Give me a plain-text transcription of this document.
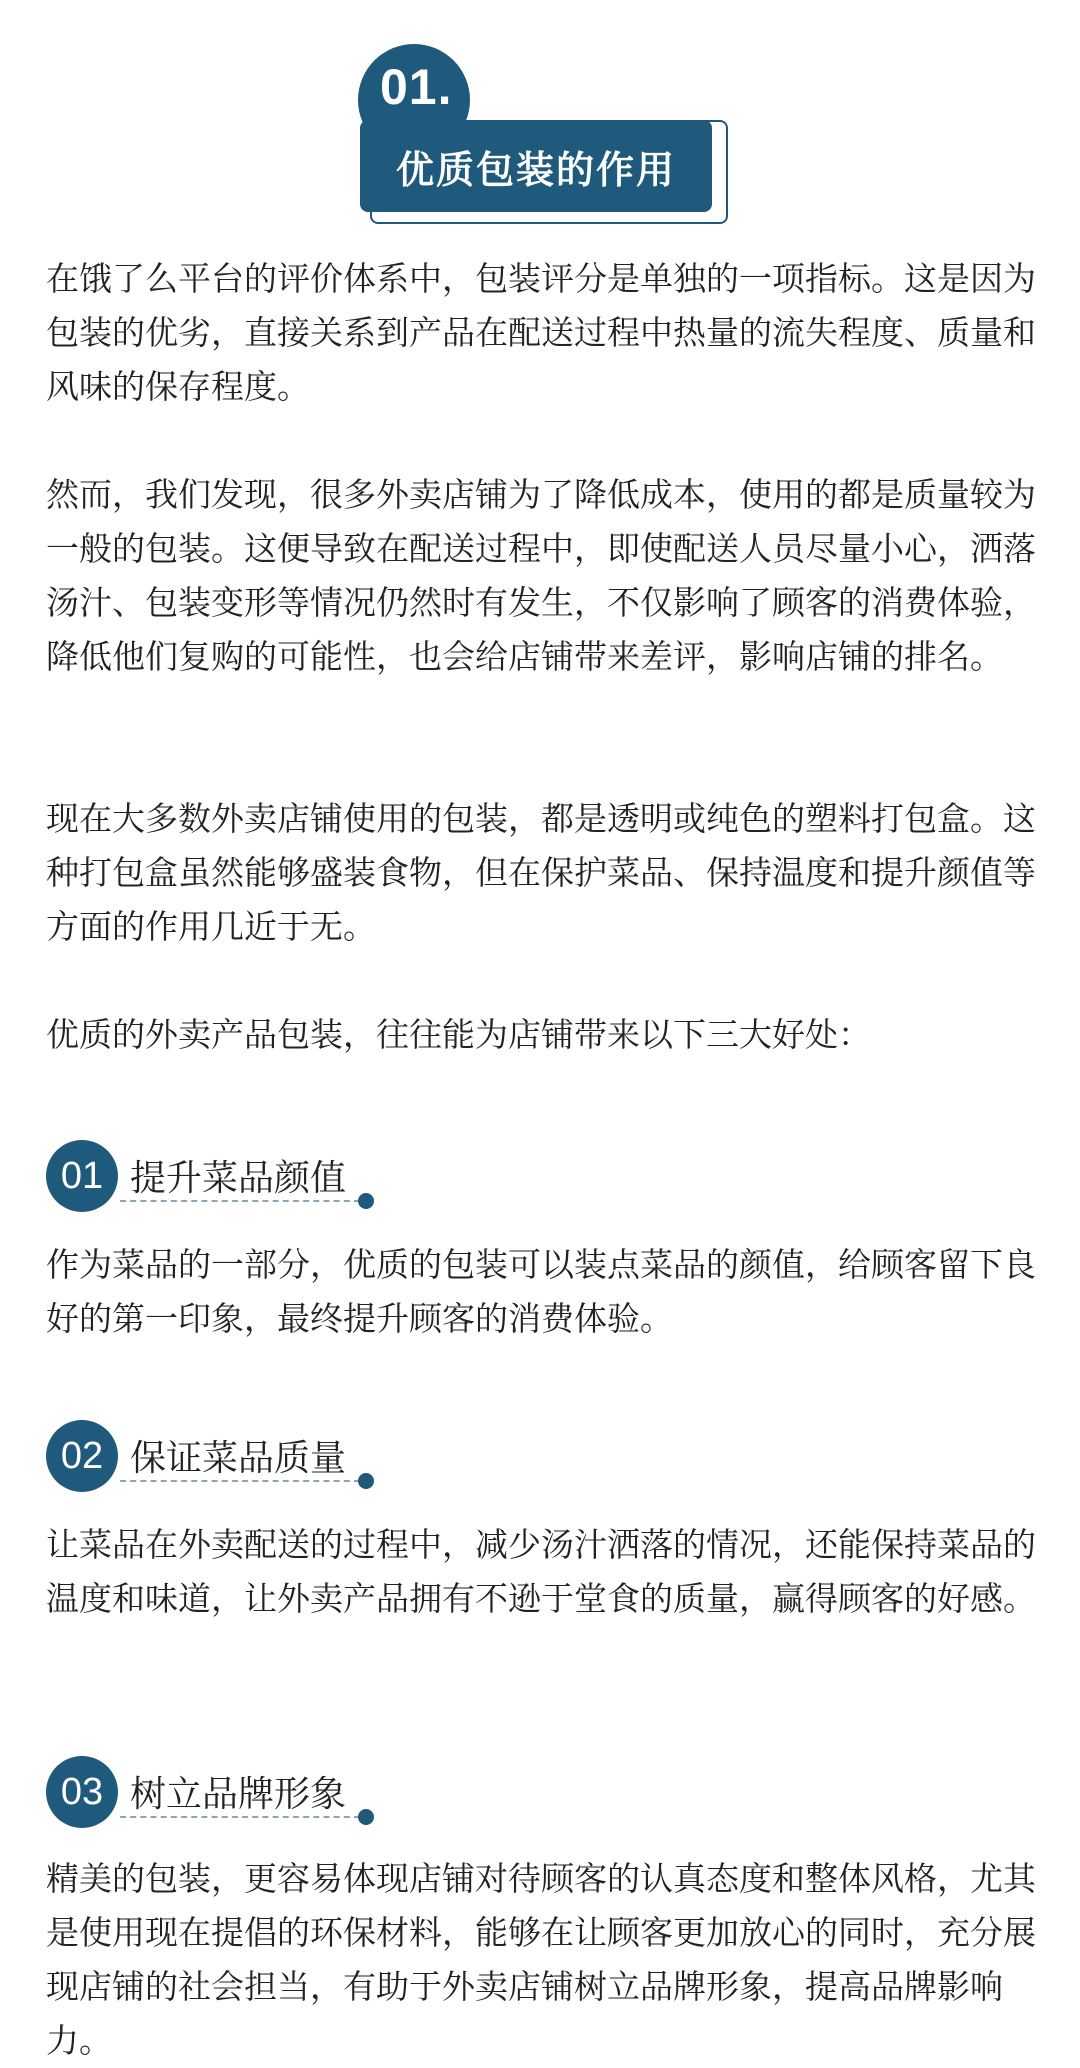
01.
优质包装的作用

在饿了么平台的评价体系中，包装评分是单独的一项指标。这是因为包装的优劣，直接关系到产品在配送过程中热量的流失程度、质量和风味的保存程度。

然而，我们发现，很多外卖店铺为了降低成本，使用的都是质量较为一般的包装。这便导致在配送过程中，即使配送人员尽量小心，洒落汤汁、包装变形等情况仍然时有发生，不仅影响了顾客的消费体验，降低他们复购的可能性，也会给店铺带来差评，影响店铺的排名。

现在大多数外卖店铺使用的包装，都是透明或纯色的塑料打包盒。这种打包盒虽然能够盛装食物，但在保护菜品、保持温度和提升颜值等方面的作用几近于无。

优质的外卖产品包装，往往能为店铺带来以下三大好处：

01 提升菜品颜值

作为菜品的一部分，优质的包装可以装点菜品的颜值，给顾客留下良好的第一印象，最终提升顾客的消费体验。

02 保证菜品质量

让菜品在外卖配送的过程中，减少汤汁洒落的情况，还能保持菜品的温度和味道，让外卖产品拥有不逊于堂食的质量，赢得顾客的好感。

03 树立品牌形象

精美的包装，更容易体现店铺对待顾客的认真态度和整体风格，尤其是使用现在提倡的环保材料，能够在让顾客更加放心的同时，充分展现店铺的社会担当，有助于外卖店铺树立品牌形象，提高品牌影响力。
